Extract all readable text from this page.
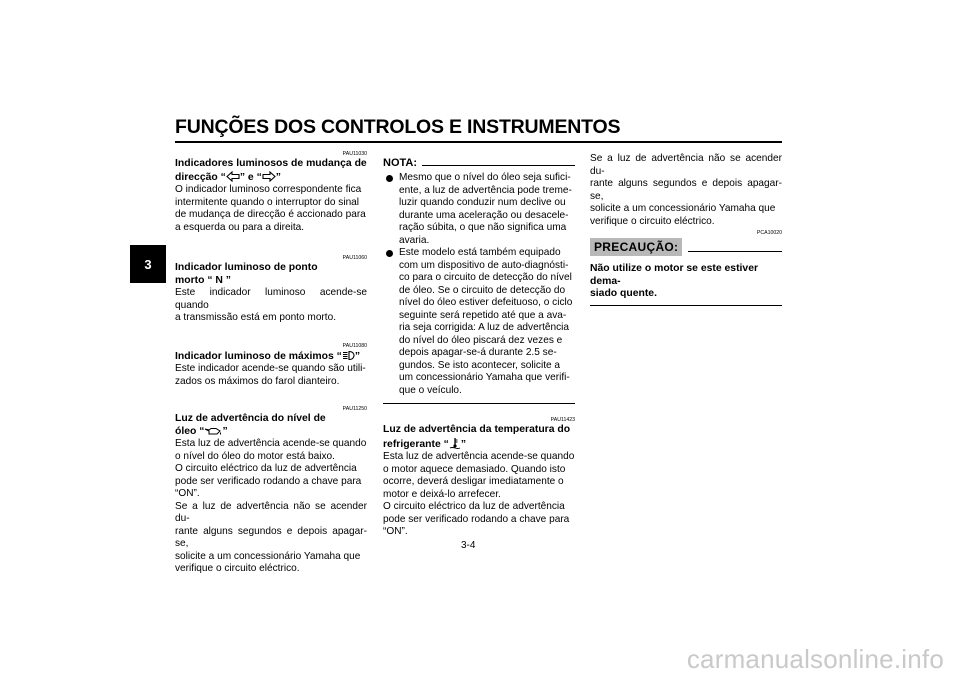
FUNÇÕES DOS CONTROLOS E INSTRUMENTOS
3
PAU11030
Indicadores luminosos de mudança de
direcção “ ” e “ ”
O indicador luminoso correspondente fica
intermitente quando o interruptor do sinal
de mudança de direcção é accionado para
a esquerda ou para a direita.
PAU11060
Indicador luminoso de ponto
morto “ N ”
Este indicador luminoso acende-se quando
a transmissão está em ponto morto.
PAU11080
Indicador luminoso de máximos “ ”
Este indicador acende-se quando são utili-
zados os máximos do farol dianteiro.
PAU11250
Luz de advertência do nível de
óleo “ ”
Esta luz de advertência acende-se quando
o nível do óleo do motor está baixo.
O circuito eléctrico da luz de advertência
pode ser verificado rodando a chave para
“ON”.
Se a luz de advertência não se acender du-
rante alguns segundos e depois apagar-se,
solicite a um concessionário Yamaha que
verifique o circuito eléctrico.
NOTA:
Mesmo que o nível do óleo seja sufici-
ente, a luz de advertência pode treme-
luzir quando conduzir num declive ou
durante uma aceleração ou desacele-
ração súbita, o que não significa uma
avaria.
Este modelo está também equipado
com um dispositivo de auto-diagnósti-
co para o circuito de detecção do nível
de óleo. Se o circuito de detecção do
nível do óleo estiver defeituoso, o ciclo
seguinte será repetido até que a ava-
ria seja corrigida: A luz de advertência
do nível do óleo piscará dez vezes e
depois apagar-se-á durante 2.5 se-
gundos. Se isto acontecer, solicite a
um concessionário Yamaha que verifi-
que o veículo.
PAU11423
Luz de advertência da temperatura do
refrigerante “ ”
Esta luz de advertência acende-se quando
o motor aquece demasiado. Quando isto
ocorre, deverá desligar imediatamente o
motor e deixá-lo arrefecer.
O circuito eléctrico da luz de advertência
pode ser verificado rodando a chave para
“ON”.
Se a luz de advertência não se acender du-
rante alguns segundos e depois apagar-se,
solicite a um concessionário Yamaha que
verifique o circuito eléctrico.
PCA10020
PRECAUÇÃO:
Não utilize o motor se este estiver dema-
siado quente.
3-4
carmanualsonline.info
